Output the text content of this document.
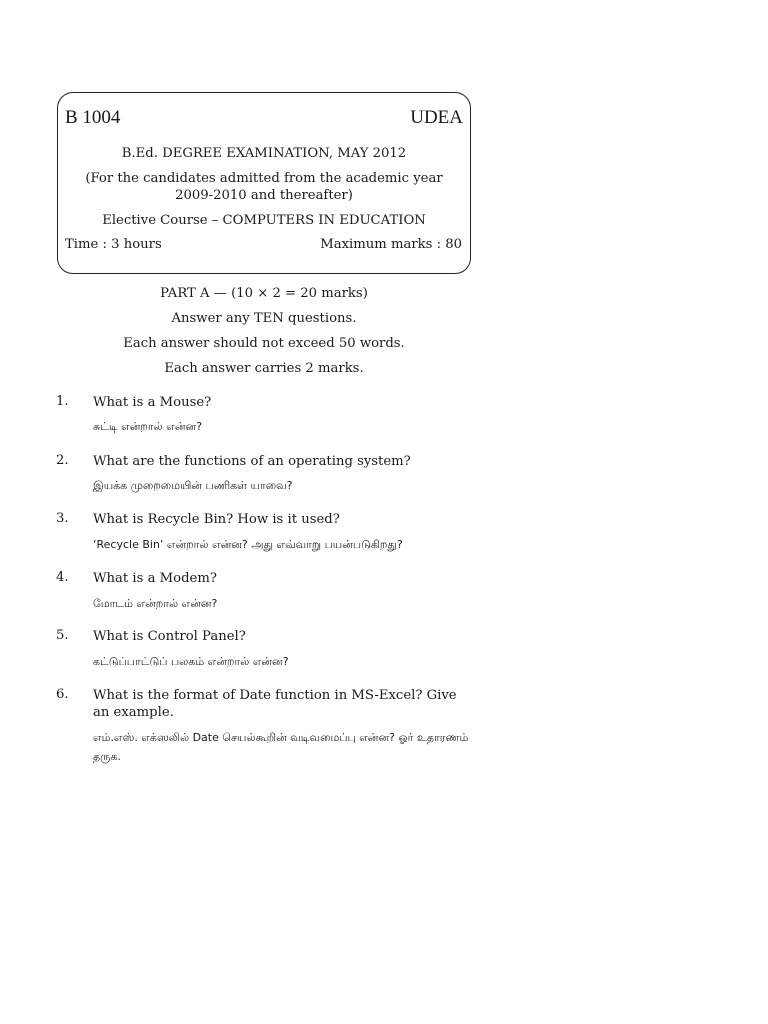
B 1004	UDEA
B.Ed. DEGREE EXAMINATION, MAY 2012
(For the candidates admitted from the academic year
2009-2010 and thereafter)
Elective Course – COMPUTERS IN EDUCATION
Time : 3 hours	Maximum marks : 80
PART A — (10 × 2 = 20 marks)
Answer any TEN questions.
Each answer should not exceed 50 words.
Each answer carries 2 marks.
1. What is a Mouse?
சுட்டி என்றால் என்ன?
2. What are the functions of an operating system?
இயக்க முறைமையின் பணிகள் யாவை?
3. What is Recycle Bin? How is it used?
‘Recycle Bin’ என்றால் என்ன? அது எவ்வாறு பயன்படுகிறது?
4. What is a Modem?
மோடம் என்றால் என்ன?
5. What is Control Panel?
கட்டுப்பாட்டுப் பலகம் என்றால் என்ன?
6. What is the format of Date function in MS-Excel? Give an example.
எம்.எஸ். எக்ஸலில் Date செயல்கூறின் வடிவமைப்பு என்ன? ஓர் உதாரணம் தருக.
